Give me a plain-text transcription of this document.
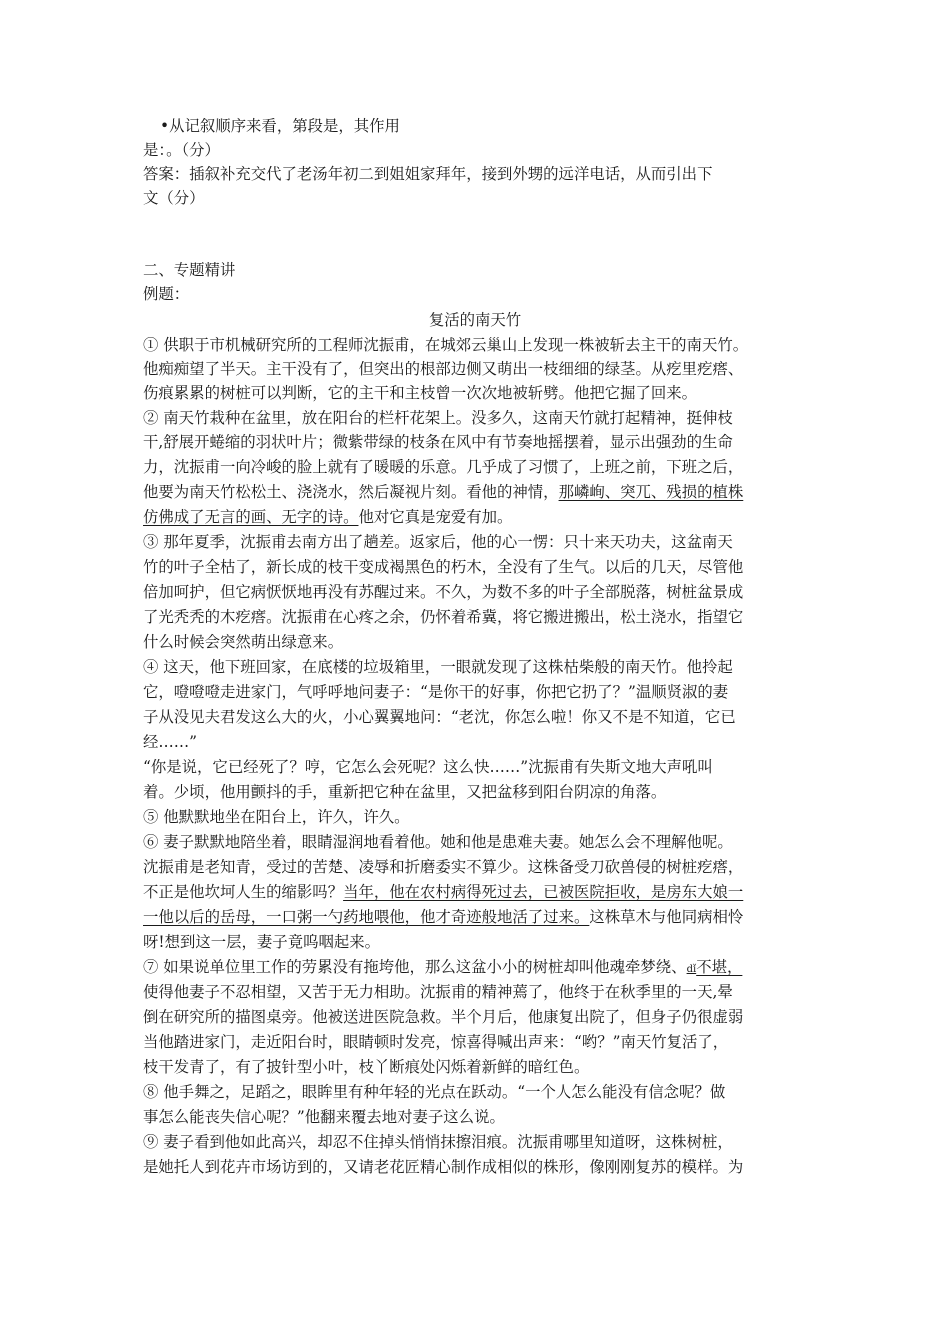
•从记叙顺序来看，第段是，其作用
是：。（分）
答案：插叙补充交代了老汤年初二到姐姐家拜年，接到外甥的远洋电话，从而引出下
文（分）
二、专题精讲
例题：
复活的南天竹
① 供职于市机械研究所的工程师沈振甫，在城郊云巢山上发现一株被斩去主干的南天竹。
他痴痴望了半天。主干没有了，但突出的根部边侧又萌出一枝细细的绿茎。从疙里疙瘩、
伤痕累累的树桩可以判断，它的主干和主枝曾一次次地被斩劈。他把它掘了回来。
② 南天竹栽种在盆里，放在阳台的栏杆花架上。没多久，这南天竹就打起精神，挺伸枝
干,舒展开蜷缩的羽状叶片；微紫带绿的枝条在风中有节奏地摇摆着，显示出强劲的生命
力，沈振甫一向冷峻的脸上就有了暖暖的乐意。几乎成了习惯了，上班之前，下班之后，
他要为南天竹松松土、浇浇水，然后凝视片刻。看他的神情，那嶙峋、突兀、残损的植株
仿佛成了无言的画、无字的诗。他对它真是宠爱有加。
③ 那年夏季，沈振甫去南方出了趟差。返家后，他的心一愣：只十来天功夫，这盆南天
竹的叶子全枯了，新长成的枝干变成褐黑色的朽木，全没有了生气。以后的几天，尽管他
倍加呵护，但它病恹恹地再没有苏醒过来。不久，为数不多的叶子全部脱落，树桩盆景成
了光秃秃的木疙瘩。沈振甫在心疼之余，仍怀着希冀，将它搬进搬出，松土浇水，指望它
什么时候会突然萌出绿意来。
④ 这天，他下班回家，在底楼的垃圾箱里，一眼就发现了这株枯柴般的南天竹。他拎起
它，噔噔噔走进家门，气呼呼地问妻子：“是你干的好事，你把它扔了？”温顺贤淑的妻
子从没见夫君发这么大的火，小心翼翼地问：“老沈，你怎么啦！你又不是不知道，它已
经……”
“你是说，它已经死了？哼，它怎么会死呢？这么快……”沈振甫有失斯文地大声吼叫
着。少顷，他用颤抖的手，重新把它种在盆里，又把盆移到阳台阴凉的角落。
⑤ 他默默地坐在阳台上，许久，许久。
⑥ 妻子默默地陪坐着，眼睛湿润地看着他。她和他是患难夫妻。她怎么会不理解他呢。
沈振甫是老知青，受过的苦楚、凌辱和折磨委实不算少。这株备受刀砍兽侵的树桩疙瘩，
不正是他坎坷人生的缩影吗？当年，他在农村病得死过去，已被医院拒收，是房东大娘一
一他以后的岳母，一口粥一勺药地喂他，他才奇迹般地活了过来。这株草木与他同病相怜
呀!想到这一层，妻子竟呜咽起来。
⑦ 如果说单位里工作的劳累没有拖垮他，那么这盆小小的树桩却叫他魂牵梦绕、dǐ不堪，
使得他妻子不忍相望，又苦于无力相助。沈振甫的精神蔫了，他终于在秋季里的一天,晕
倒在研究所的描图桌旁。他被送进医院急救。半个月后，他康复出院了，但身子仍很虚弱
当他踏进家门，走近阳台时，眼睛顿时发亮，惊喜得喊出声来：“哟？”南天竹复活了，
枝干发青了，有了披针型小叶，枝丫断痕处闪烁着新鲜的暗红色。
⑧ 他手舞之，足蹈之，眼眸里有种年轻的光点在跃动。“一个人怎么能没有信念呢？做
事怎么能丧失信心呢？”他翻来覆去地对妻子这么说。
⑨ 妻子看到他如此高兴，却忍不住掉头悄悄抹擦泪痕。沈振甫哪里知道呀，这株树桩，
是她托人到花卉市场访到的，又请老花匠精心制作成相似的株形，像刚刚复苏的模样。为
